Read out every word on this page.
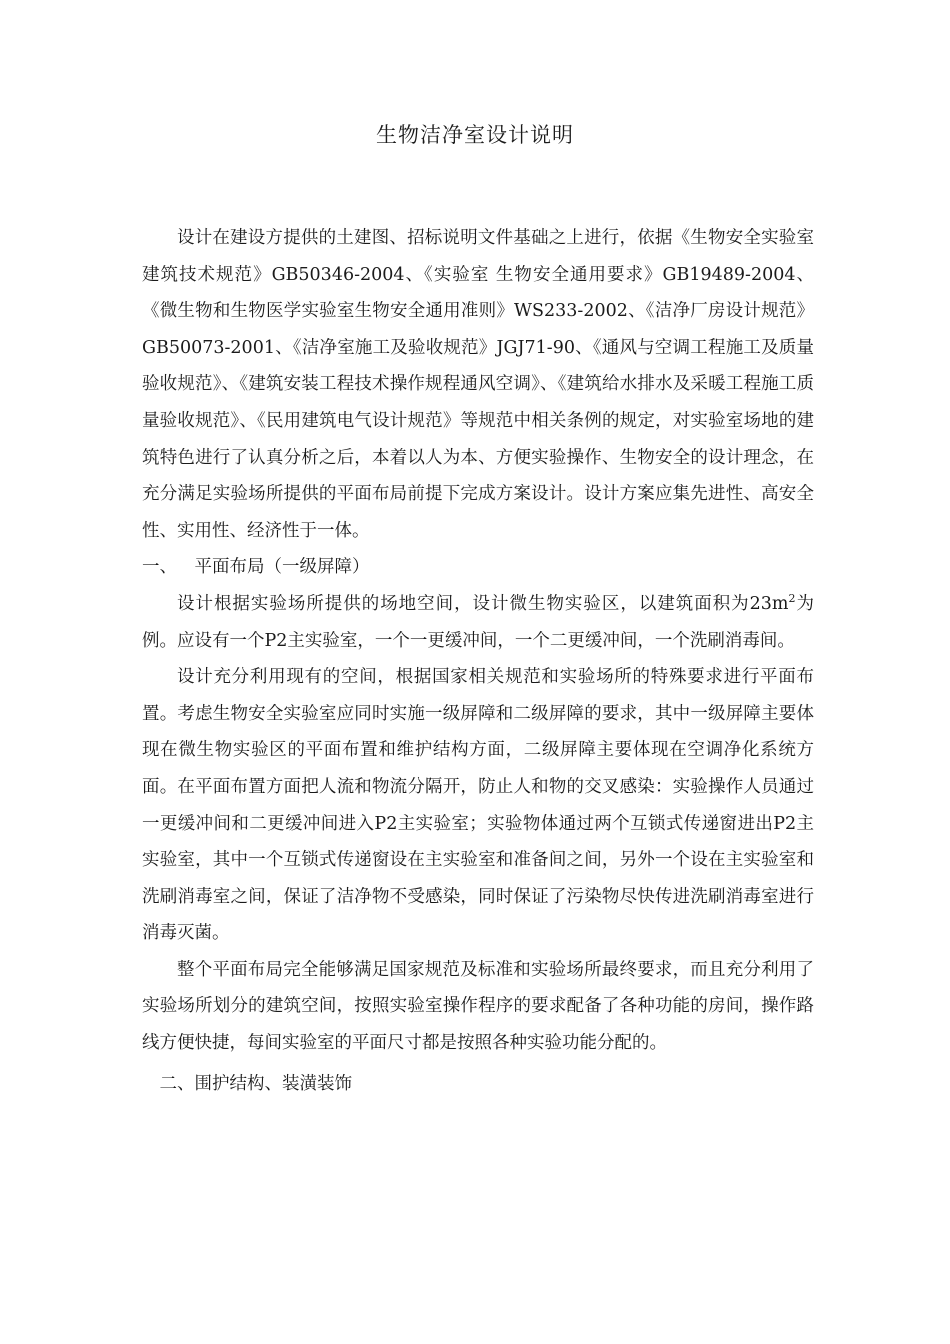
生物洁净室设计说明

设计在建设方提供的土建图、招标说明文件基础之上进行，依据《生物安全实验室建筑技术规范》GB50346-2004、《实验室 生物安全通用要求》GB19489-2004、《微生物和生物医学实验室生物安全通用准则》WS233-2002、《洁净厂房设计规范》GB50073-2001、《洁净室施工及验收规范》JGJ71-90、《通风与空调工程施工及质量验收规范》、《建筑安装工程技术操作规程通风空调》、《建筑给水排水及采暖工程施工质量验收规范》、《民用建筑电气设计规范》等规范中相关条例的规定，对实验室场地的建筑特色进行了认真分析之后，本着以人为本、方便实验操作、生物安全的设计理念，在充分满足实验场所提供的平面布局前提下完成方案设计。设计方案应集先进性、高安全性、实用性、经济性于一体。

一、 平面布局（一级屏障）

设计根据实验场所提供的场地空间，设计微生物实验区，以建筑面积为$23m^2$为例。应设有一个P2主实验室，一个一更缓冲间，一个二更缓冲间，一个洗刷消毒间。

设计充分利用现有的空间，根据国家相关规范和实验场所的特殊要求进行平面布置。考虑生物安全实验室应同时实施一级屏障和二级屏障的要求，其中一级屏障主要体现在微生物实验区的平面布置和维护结构方面，二级屏障主要体现在空调净化系统方面。在平面布置方面把人流和物流分隔开，防止人和物的交叉感染：实验操作人员通过一更缓冲间和二更缓冲间进入P2主实验室；实验物体通过两个互锁式传递窗进出P2主实验室，其中一个互锁式传递窗设在主实验室和准备间之间，另外一个设在主实验室和洗刷消毒室之间，保证了洁净物不受感染，同时保证了污染物尽快传进洗刷消毒室进行消毒灭菌。

整个平面布局完全能够满足国家规范及标准和实验场所最终要求，而且充分利用了实验场所划分的建筑空间，按照实验室操作程序的要求配备了各种功能的房间，操作路线方便快捷，每间实验室的平面尺寸都是按照各种实验功能分配的。

二、围护结构、装潢装饰
